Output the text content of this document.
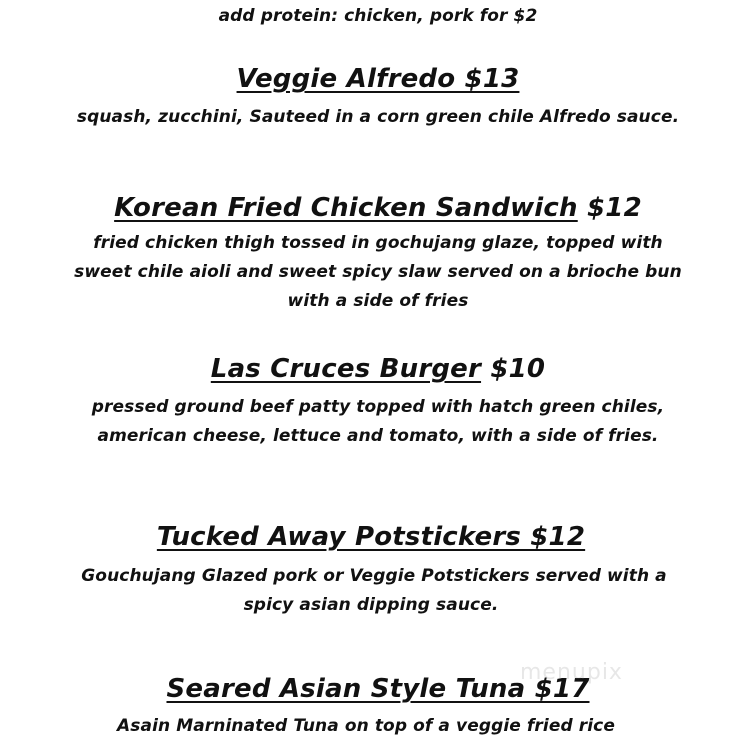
add protein: chicken, pork for $2
Veggie Alfredo $13
squash, zucchini, Sauteed in a corn green chile Alfredo sauce.
Korean Fried Chicken Sandwich $12
fried chicken thigh tossed in gochujang glaze, topped with
sweet chile aioli and sweet spicy slaw served on a brioche bun
with a side of fries
Las Cruces Burger $10
pressed ground beef patty topped with hatch green chiles,
american cheese, lettuce and tomato, with a side of fries.
Tucked Away Potstickers $12
Gouchujang Glazed pork or Veggie Potstickers served with a
spicy asian dipping sauce.
Seared Asian Style Tuna $17
Asain Marninated Tuna on top of a veggie fried rice
menupix
